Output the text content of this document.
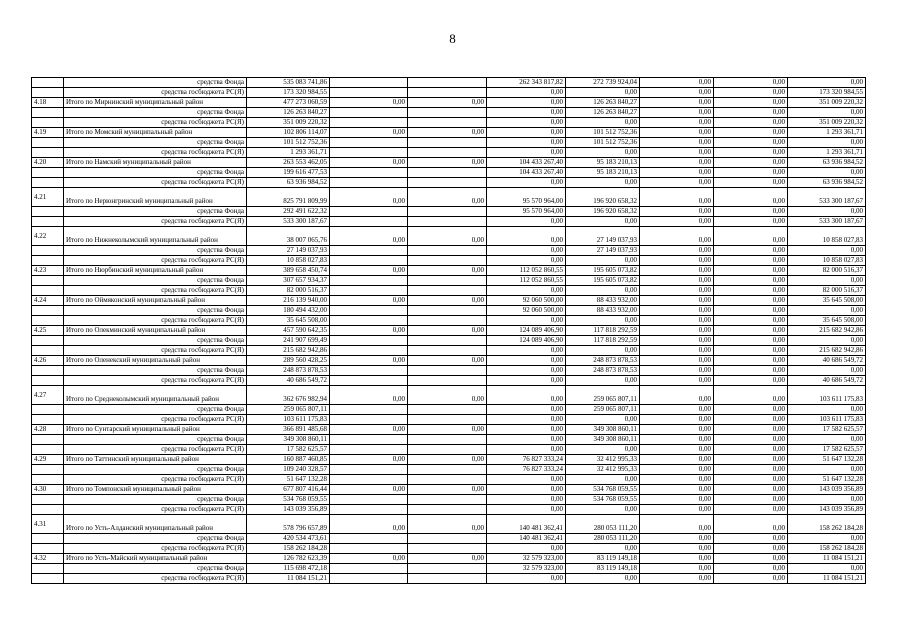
8
	средства Фонда	535 083 741,86			262 343 817,82	272 739 924,04	0,00	0,00	0,00
	средства госбюджета РС(Я)	173 320 984,55			0,00	0,00	0,00	0,00	173 320 984,55
4.18	Итого по Мирнинский муниципальный район	477 273 060,59	0,00	0,00	0,00	126 263 840,27	0,00	0,00	351 009 220,32
	средства Фонда	126 263 840,27			0,00	126 263 840,27	0,00	0,00	0,00
	средства госбюджета РС(Я)	351 009 220,32			0,00	0,00	0,00	0,00	351 009 220,32
4.19	Итого по Момский муниципальный район	102 806 114,07	0,00	0,00	0,00	101 512 752,36	0,00	0,00	1 293 361,71
	средства Фонда	101 512 752,36			0,00	101 512 752,36	0,00	0,00	0,00
	средства госбюджета РС(Я)	1 293 361,71			0,00	0,00	0,00	0,00	1 293 361,71
4.20	Итого по Намский муниципальный район	263 553 462,05	0,00	0,00	104 433 267,40	95 183 210,13	0,00	0,00	63 936 984,52
	средства Фонда	199 616 477,53			104 433 267,40	95 183 210,13	0,00	0,00	0,00
	средства госбюджета РС(Я)	63 936 984,52			0,00	0,00	0,00	0,00	63 936 984,52
4.21	Итого по Нерюнгринский муниципальный район	825 791 809,99	0,00	0,00	95 570 964,00	196 920 658,32	0,00	0,00	533 300 187,67
	средства Фонда	292 491 622,32			95 570 964,00	196 920 658,32	0,00	0,00	0,00
	средства госбюджета РС(Я)	533 300 187,67			0,00	0,00	0,00	0,00	533 300 187,67
4.22	Итого по Нижнеколымский муниципальный район	38 007 065,76	0,00	0,00	0,00	27 149 037,93	0,00	0,00	10 858 027,83
	средства Фонда	27 149 037,93			0,00	27 149 037,93	0,00	0,00	0,00
	средства госбюджета РС(Я)	10 858 027,83			0,00	0,00	0,00	0,00	10 858 027,83
4.23	Итого по Нюрбинский муниципальный район	389 658 450,74	0,00	0,00	112 052 860,55	195 605 073,82	0,00	0,00	82 000 516,37
	средства Фонда	307 657 934,37			112 052 860,55	195 605 073,82	0,00	0,00	0,00
	средства госбюджета РС(Я)	82 000 516,37			0,00	0,00	0,00	0,00	82 000 516,37
4.24	Итого по Оймяконский муниципальный район	216 139 940,00	0,00	0,00	92 060 500,00	88 433 932,00	0,00	0,00	35 645 508,00
	средства Фонда	180 494 432,00			92 060 500,00	88 433 932,00	0,00	0,00	0,00
	средства госбюджета РС(Я)	35 645 508,00			0,00	0,00	0,00	0,00	35 645 508,00
4.25	Итого по Олекминский муниципальный район	457 590 642,35	0,00	0,00	124 089 406,90	117 818 292,59	0,00	0,00	215 682 942,86
	средства Фонда	241 907 699,49			124 089 406,90	117 818 292,59	0,00	0,00	0,00
	средства госбюджета РС(Я)	215 682 942,86			0,00	0,00	0,00	0,00	215 682 942,86
4.26	Итого по Оленекский муниципальный район	289 560 428,25	0,00	0,00	0,00	248 873 878,53	0,00	0,00	40 686 549,72
	средства Фонда	248 873 878,53			0,00	248 873 878,53	0,00	0,00	0,00
	средства госбюджета РС(Я)	40 686 549,72			0,00	0,00	0,00	0,00	40 686 549,72
4.27	Итого по Среднеколымский муниципальный район	362 676 982,94	0,00	0,00	0,00	259 065 807,11	0,00	0,00	103 611 175,83
	средства Фонда	259 065 807,11			0,00	259 065 807,11	0,00	0,00	0,00
	средства госбюджета РС(Я)	103 611 175,83			0,00	0,00	0,00	0,00	103 611 175,83
4.28	Итого по Сунтарский муниципальный район	366 891 485,68	0,00	0,00	0,00	349 308 860,11	0,00	0,00	17 582 625,57
	средства Фонда	349 308 860,11			0,00	349 308 860,11	0,00	0,00	0,00
	средства госбюджета РС(Я)	17 582 625,57			0,00	0,00	0,00	0,00	17 582 625,57
4.29	Итого по Таттинский муниципальный район	160 887 460,85	0,00	0,00	76 827 333,24	32 412 995,33	0,00	0,00	51 647 132,28
	средства Фонда	109 240 328,57			76 827 333,24	32 412 995,33	0,00	0,00	0,00
	средства госбюджета РС(Я)	51 647 132,28			0,00	0,00	0,00	0,00	51 647 132,28
4.30	Итого по Томпонский муниципальный район	677 807 416,44	0,00	0,00	0,00	534 768 059,55	0,00	0,00	143 039 356,89
	средства Фонда	534 768 059,55			0,00	534 768 059,55	0,00	0,00	0,00
	средства госбюджета РС(Я)	143 039 356,89			0,00	0,00	0,00	0,00	143 039 356,89
4.31	Итого по Усть-Алданский муниципальный район	578 796 657,89	0,00	0,00	140 481 362,41	280 053 111,20	0,00	0,00	158 262 184,28
	средства Фонда	420 534 473,61			140 481 362,41	280 053 111,20	0,00	0,00	0,00
	средства госбюджета РС(Я)	158 262 184,28			0,00	0,00	0,00	0,00	158 262 184,28
4.32	Итого по Усть-Майский муниципальный район	126 782 623,39	0,00	0,00	32 579 323,00	83 119 149,18	0,00	0,00	11 084 151,21
	средства Фонда	115 698 472,18			32 579 323,00	83 119 149,18	0,00	0,00	0,00
	средства госбюджета РС(Я)	11 084 151,21			0,00	0,00	0,00	0,00	11 084 151,21
